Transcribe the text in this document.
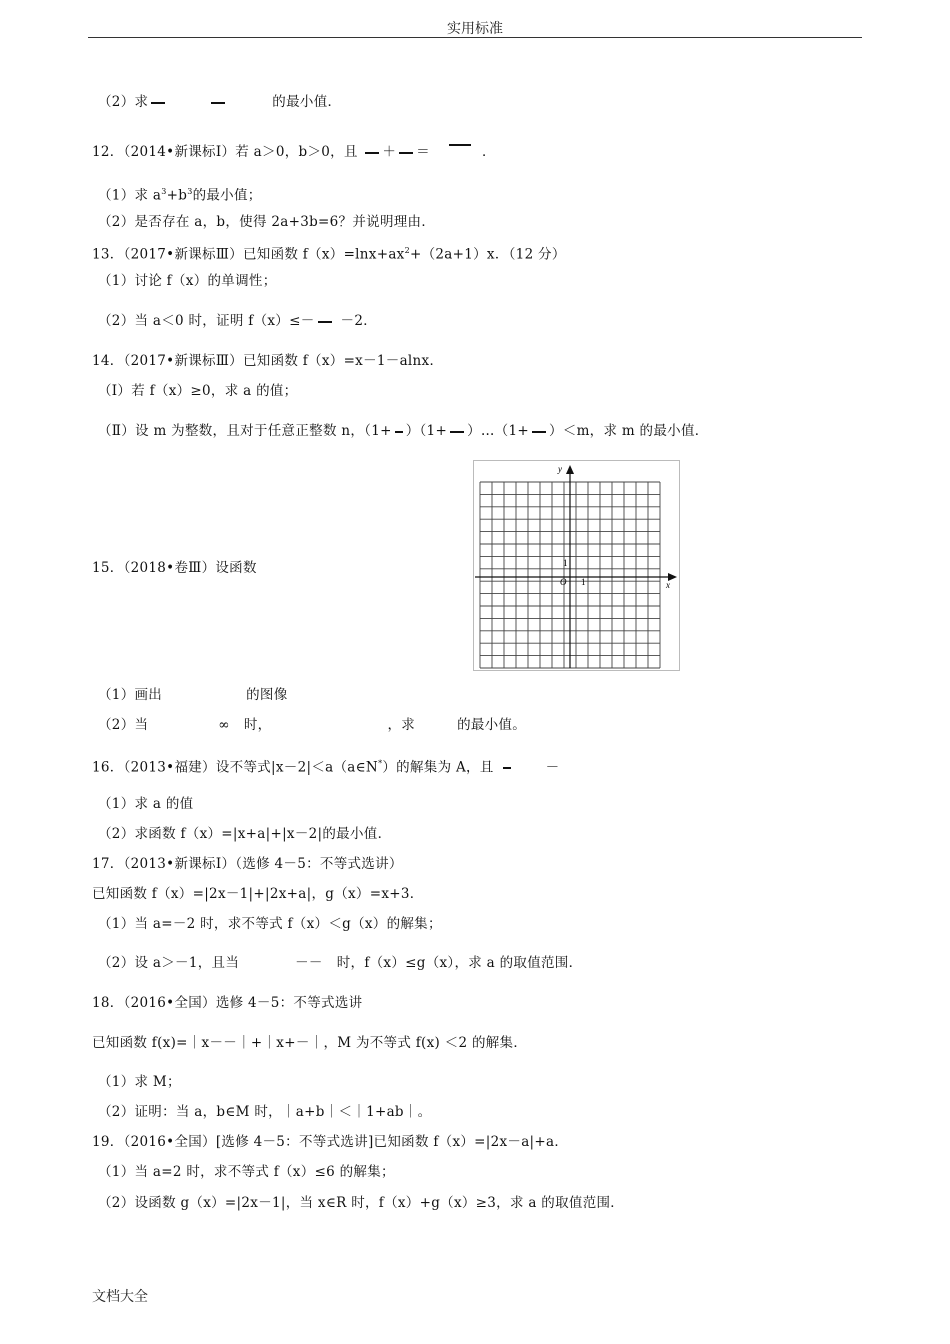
实用标准
（2）求	的最小值．
12．（2014•新课标Ⅰ）若 a＞0，b＞0，且 ＋ ＝	．
（1）求 $a^3+b^3$的最小值；
（2）是否存在 a，b，使得 2a+3b=6？并说明理由．
13．（2017•新课标Ⅲ）已知函数 $f(x)=\ln x+ax^2+(2a+1)x$．（12 分）
（1）讨论 f（x）的单调性；
（2）当 a＜0 时，证明 f（x）≤－ －2．
14．（2017•新课标Ⅲ）已知函数 f（x）=x－1－alnx．
（Ⅰ）若 f（x）≥0，求 a 的值；
（Ⅱ）设 m 为整数，且对于任意正整数 n，（1+ ）（1+ ）…（1+ ）＜m，求 m 的最小值．
15．（2018•卷Ⅲ）设函数
y
x
O 1
1
（1）画出	的图像
（2）当	∞ 时，	，求	的最小值。
16．（2013•福建）设不等式|x－2|＜a（a∈N*）的解集为 A，且	－
（1）求 a 的值
（2）求函数 f（x）=|x+a|+|x－2|的最小值．
17．（2013•新课标Ⅰ）（选修 4－5：不等式选讲）
已知函数 f（x）=|2x－1|+|2x+a|，g（x）=x+3．
（1）当 a=－2 时，求不等式 f（x）＜g（x）的解集；
（2）设 a＞－1，且当	－－ 时，f（x）≤g（x），求 a 的取值范围．
18．（2016•全国）选修 4－5：不等式选讲
已知函数 f(x)=｜x－－｜+｜x+－｜，M 为不等式 f(x) ＜2 的解集．
（1）求 M；
（2）证明：当 a，b∈M 时，｜a+b｜＜｜1+ab｜。
19．（2016•全国）[选修 4－5：不等式选讲]已知函数 f（x）=|2x－a|+a．
（1）当 a=2 时，求不等式 f（x）≤6 的解集；
（2）设函数 g（x）=|2x－1|，当 x∈R 时，f（x）+g（x）≥3，求 a 的取值范围．
文档大全
